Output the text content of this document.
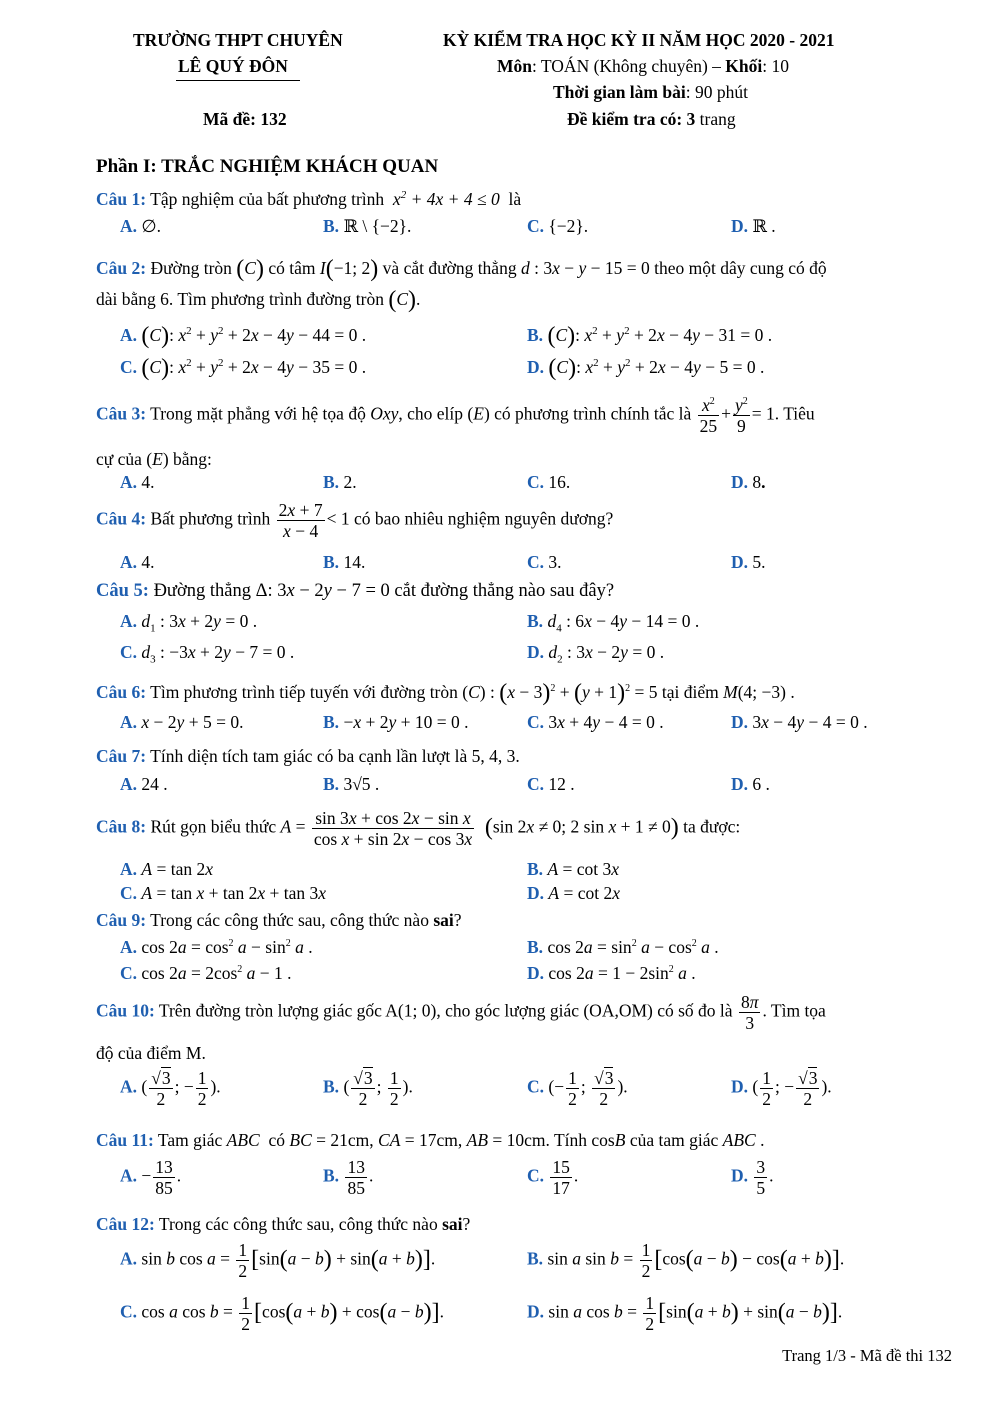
TRƯỜNG THPT CHUYÊN
LÊ QUÝ ĐÔN
KỲ KIỂM TRA HỌC KỲ II NĂM HỌC 2020 - 2021
Môn: TOÁN (Không chuyên) – Khối: 10
Thời gian làm bài: 90 phút
Mã đề: 132	Đề kiểm tra có: 3 trang
Phần I: TRẮC NGHIỆM KHÁCH QUAN
Câu 1: Tập nghiệm của bất phương trình  $x^2 + 4x + 4 \le 0$ là
A. ∅.	B. ℝ \ {−2}.	C. {−2}.	D. ℝ .
Câu 2: Đường tròn (C) có tâm I(−1; 2) và cắt đường thẳng d : 3x − y − 15 = 0 theo một dây cung có độ
dài bằng 6. Tìm phương trình đường tròn (C).
A. (C): $x^2 + y^2 + 2x - 4y - 44 = 0$ .	B. (C): $x^2 + y^2 + 2x - 4y - 31 = 0$ .
C. (C): $x^2 + y^2 + 2x - 4y - 35 = 0$ .	D. (C): $x^2 + y^2 + 2x - 4y - 5 = 0$ .
Câu 3: Trong mặt phẳng với hệ tọa độ Oxy, cho elíp (E) có phương trình chính tắc là $\frac{x^2}{25} + \frac{y^2}{9} = 1$. Tiêu
cự của (E) bằng:
A. 4.	B. 2.	C. 16.	D. 8.
Câu 4: Bất phương trình $\frac{2x + 7}{x - 4} < 1$ có bao nhiêu nghiệm nguyên dương?
A. 4.	B. 14.	C. 3.	D. 5.
Câu 5: Đường thẳng Δ: 3x − 2y − 7 = 0 cắt đường thẳng nào sau đây?
A. $d_1$ : 3x + 2y = 0 .	B. $d_4$ : 6x − 4y − 14 = 0 .
C. $d_3$ : −3x + 2y − 7 = 0 .	D. $d_2$ : 3x − 2y = 0 .
Câu 6: Tìm phương trình tiếp tuyến với đường tròn (C) : $(x - 3)^2 + (y + 1)^2 = 5$ tại điểm M(4; −3) .
A. x − 2y + 5 = 0.	B. −x + 2y + 10 = 0 .	C. 3x + 4y − 4 = 0 .	D. 3x − 4y − 4 = 0 .
Câu 7: Tính diện tích tam giác có ba cạnh lần lượt là 5, 4, 3.
A. 24 .	B. 3√5 .	C. 12 .	D. 6 .
Câu 8: Rút gọn biểu thức $A = \frac{\text{sin 3x + cos 2x − sin x}}{\text{cos x + sin 2x − cos 3x}} (\sin$ 2x ≠ 0; 2 sin x + 1 ≠ 0) ta được:
A. A = tan 2x	B. A = cot 3x
C. A = tan x + tan 2x + tan 3x	D. A = cot 2x
Câu 9: Trong các công thức sau, công thức nào sai?
A. $\cos 2a = \cos^2 a - \sin^2 a$ .	B. $\cos 2a = \sin^2 a - \cos^2 a$ .
C. $\cos 2a = 2\cos^2$ a − 1 .	D. $\cos 2a = 1 - 2\sin^2$ a .
Câu 10: Trên đường tròn lượng giác gốc A(1; 0), cho góc lượng giác (OA,OM) có số đo là $\frac{8\pi}{3}$ . Tìm tọa
độ của điểm M.
A. ( $\frac{√3}{2}$ ; − $\frac{1}{2}$ ).	B. ( $\frac{√3}{2}$ ; $\frac{1}{2}$ ).	C. (− $\frac{1}{2}$ ; $\frac{√3}{2}$ ).	D. ( $\frac{1}{2}$ ; − $\frac{√3}{2}$ ).
Câu 11: Tam giác ABC có BC = 21cm, CA = 17cm, AB = 10cm. Tính cosB của tam giác ABC .
A. − $\frac{13}{85}$ .	B. $\frac{13}{85}$ .	C. $\frac{15}{17}$ .	D. $\frac{3}{5}$ .
Câu 12: Trong các công thức sau, công thức nào sai?
A. sin b $\cos a = \frac{1}{2} [\sin(a - b) + \sin(a + b)]$.	B. sin a $\sin b = \frac{1}{2} [\cos(a - b) - \cos(a + b)]$.
C. cos a $\cos b = \frac{1}{2} [\cos(a + b) + \cos(a - b)]$.	D. sin a $\cos b = \frac{1}{2} [\sin(a + b) + \sin(a - b)]$.
Trang 1/3 - Mã đề thi 132
